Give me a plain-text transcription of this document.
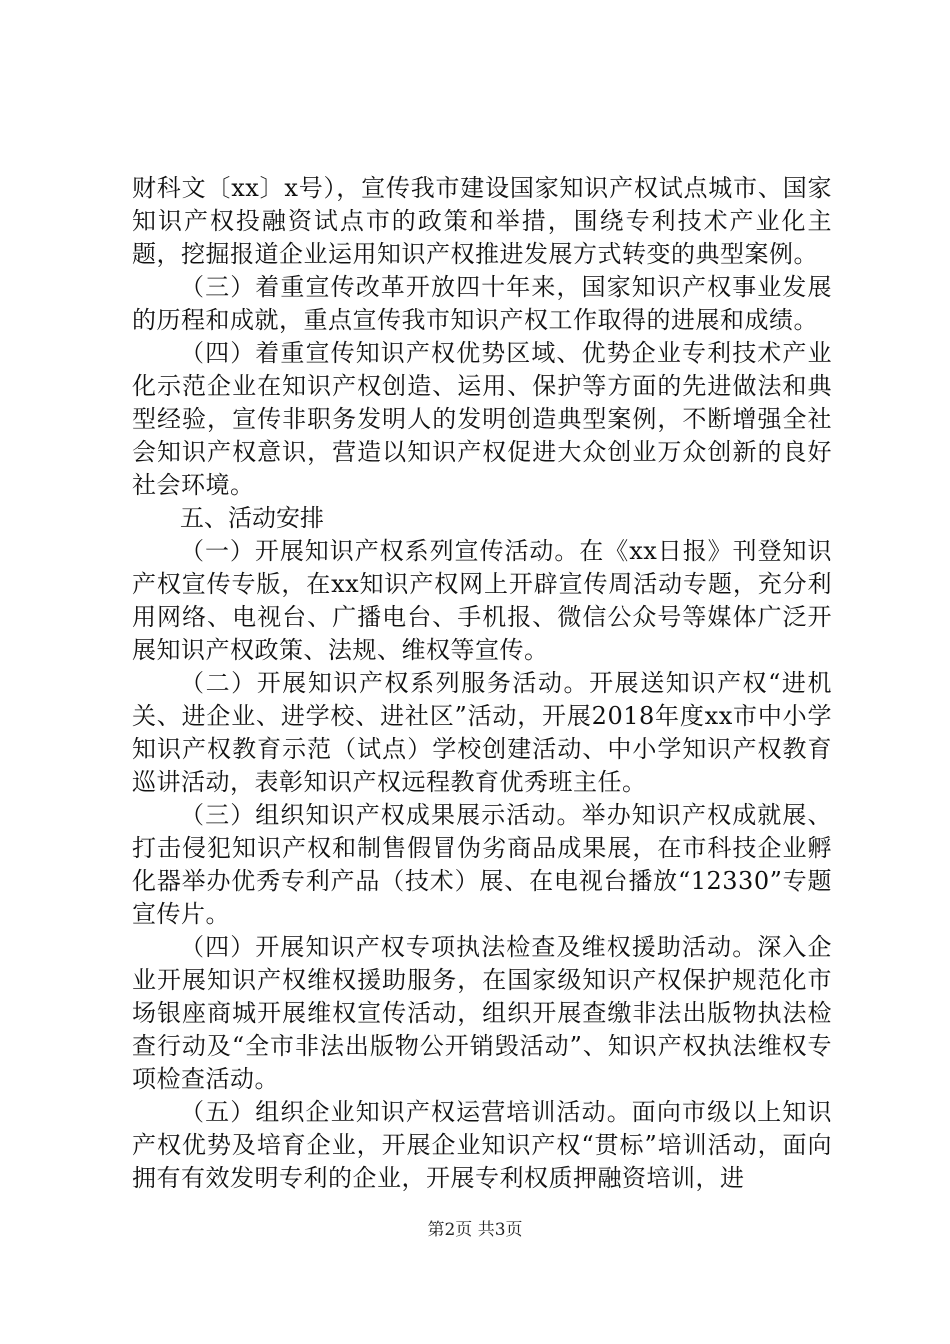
财科文〔xx〕x号），宣传我市建设国家知识产权试点城市、国家知识产权投融资试点市的政策和举措，围绕专利技术产业化主题，挖掘报道企业运用知识产权推进发展方式转变的典型案例。

（三）着重宣传改革开放四十年来，国家知识产权事业发展的历程和成就，重点宣传我市知识产权工作取得的进展和成绩。

（四）着重宣传知识产权优势区域、优势企业专利技术产业化示范企业在知识产权创造、运用、保护等方面的先进做法和典型经验，宣传非职务发明人的发明创造典型案例，不断增强全社会知识产权意识，营造以知识产权促进大众创业万众创新的良好社会环境。

五、活动安排

（一）开展知识产权系列宣传活动。在《xx日报》刊登知识产权宣传专版，在xx知识产权网上开辟宣传周活动专题，充分利用网络、电视台、广播电台、手机报、微信公众号等媒体广泛开展知识产权政策、法规、维权等宣传。

（二）开展知识产权系列服务活动。开展送知识产权“进机关、进企业、进学校、进社区”活动，开展2018年度xx市中小学知识产权教育示范（试点）学校创建活动、中小学知识产权教育巡讲活动，表彰知识产权远程教育优秀班主任。

（三）组织知识产权成果展示活动。举办知识产权成就展、打击侵犯知识产权和制售假冒伪劣商品成果展，在市科技企业孵化器举办优秀专利产品（技术）展、在电视台播放“12330”专题宣传片。

（四）开展知识产权专项执法检查及维权援助活动。深入企业开展知识产权维权援助服务，在国家级知识产权保护规范化市场银座商城开展维权宣传活动，组织开展查缴非法出版物执法检查行动及“全市非法出版物公开销毁活动”、知识产权执法维权专项检查活动。

（五）组织企业知识产权运营培训活动。面向市级以上知识产权优势及培育企业，开展企业知识产权“贯标”培训活动，面向拥有有效发明专利的企业，开展专利权质押融资培训，进

第2页 共3页
